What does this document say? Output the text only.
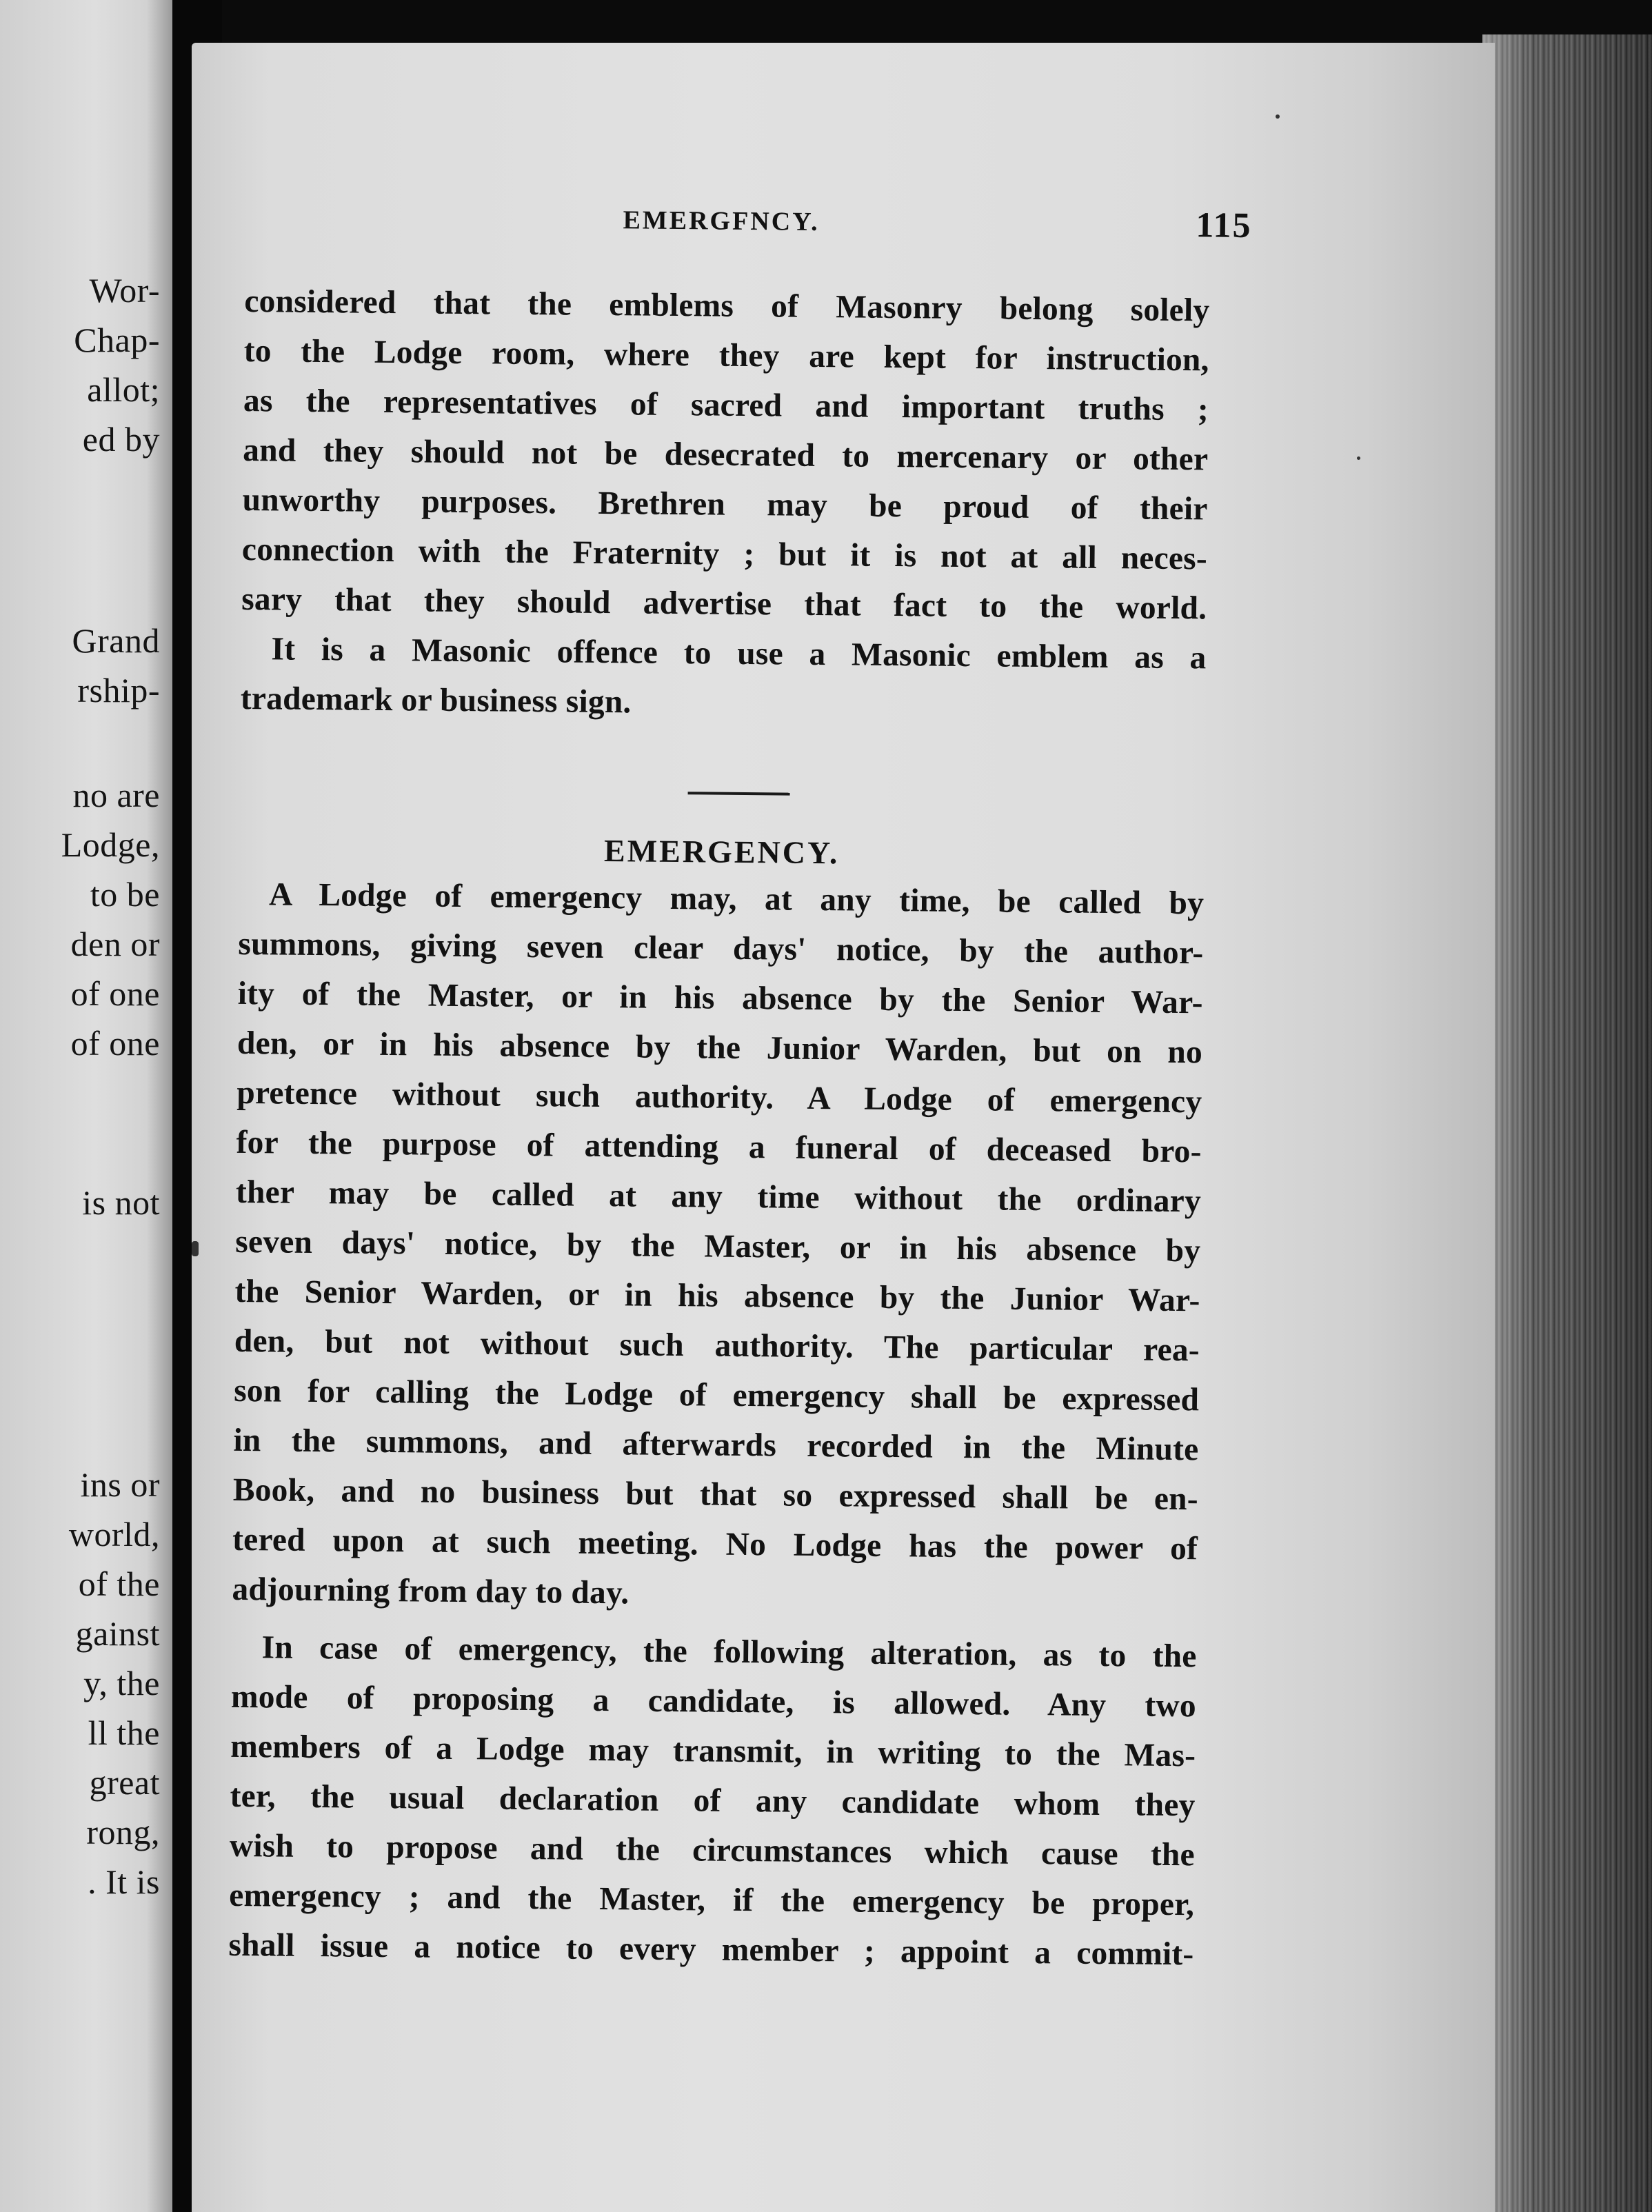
Wor-
Chap-
allot;
ed by
Grand
rship-
no are
Lodge,
to be
den or
of one
of one
is not
ins or
world,
of the
gainst
y, the
ll the
great
rong,
. It is
EMERGFNCY.	115
considered that the emblems of Masonry belong solely
to the Lodge room, where they are kept for instruction,
as the representatives of sacred and important truths ;
and they should not be desecrated to mercenary or other
unworthy purposes. Brethren may be proud of their
connection with the Fraternity ; but it is not at all neces-
sary that they should advertise that fact to the world.
It is a Masonic offence to use a Masonic emblem as a
trademark or business sign.
EMERGENCY.
A Lodge of emergency may, at any time, be called by
summons, giving seven clear days' notice, by the author-
ity of the Master, or in his absence by the Senior War-
den, or in his absence by the Junior Warden, but on no
pretence without such authority. A Lodge of emergency
for the purpose of attending a funeral of deceased bro-
ther may be called at any time without the ordinary
seven days' notice, by the Master, or in his absence by
the Senior Warden, or in his absence by the Junior War-
den, but not without such authority. The particular rea-
son for calling the Lodge of emergency shall be expressed
in the summons, and afterwards recorded in the Minute
Book, and no business but that so expressed shall be en-
tered upon at such meeting. No Lodge has the power of
adjourning from day to day.
In case of emergency, the following alteration, as to the
mode of proposing a candidate, is allowed. Any two
members of a Lodge may transmit, in writing to the Mas-
ter, the usual declaration of any candidate whom they
wish to propose and the circumstances which cause the
emergency ; and the Master, if the emergency be proper,
shall issue a notice to every member ; appoint a commit-
